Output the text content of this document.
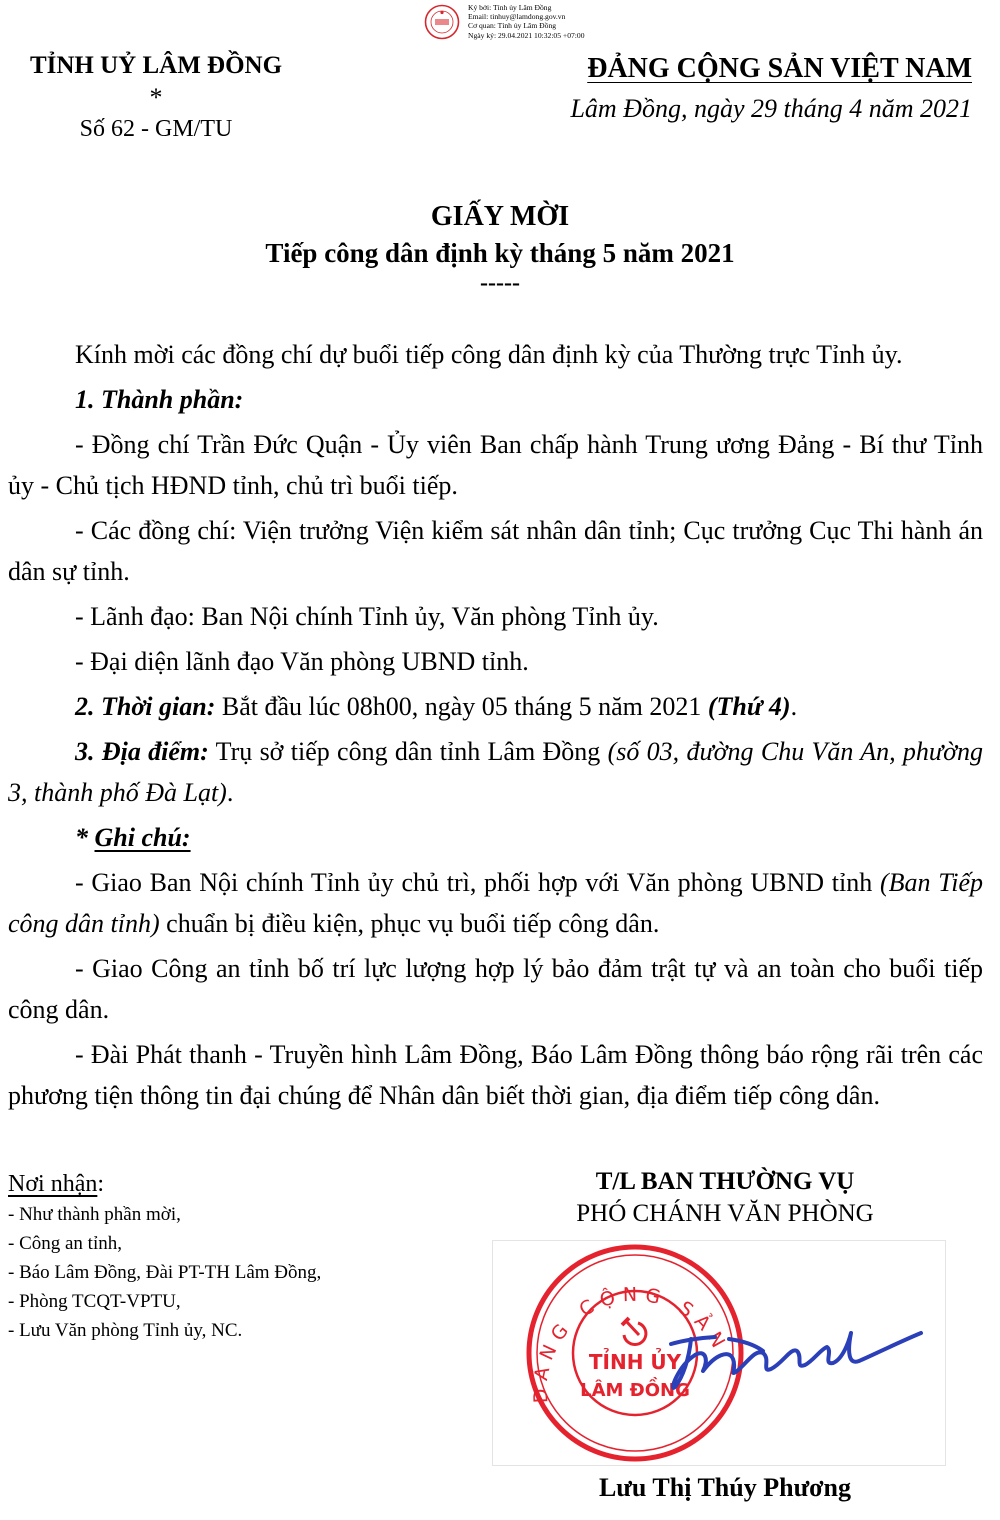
Ký bởi: Tỉnh ủy Lâm Đồng
Email: tinhuy@lamdong.gov.vn
Cơ quan: Tỉnh ủy Lâm Đồng
Ngày ký: 29.04.2021 10:32:05 +07:00
TỈNH UỶ LÂM ĐỒNG
*
Số 62 - GM/TU
ĐẢNG CỘNG SẢN VIỆT NAM
Lâm Đồng, ngày 29 tháng 4 năm 2021
GIẤY MỜI
Tiếp công dân định kỳ tháng 5 năm 2021
-----

Kính mời các đồng chí dự buổi tiếp công dân định kỳ của Thường trực Tỉnh ủy.

1. Thành phần:

- Đồng chí Trần Đức Quận - Ủy viên Ban chấp hành Trung ương Đảng - Bí thư Tỉnh ủy - Chủ tịch HĐND tỉnh, chủ trì buổi tiếp.

- Các đồng chí: Viện trưởng Viện kiểm sát nhân dân tỉnh; Cục trưởng Cục Thi hành án dân sự tỉnh.

- Lãnh đạo: Ban Nội chính Tỉnh ủy, Văn phòng Tỉnh ủy.

- Đại diện lãnh đạo Văn phòng UBND tỉnh.

2. Thời gian: Bắt đầu lúc 08h00, ngày 05 tháng 5 năm 2021 (Thứ 4).

3. Địa điểm: Trụ sở tiếp công dân tỉnh Lâm Đồng (số 03, đường Chu Văn An, phường 3, thành phố Đà Lạt).

* Ghi chú:

- Giao Ban Nội chính Tỉnh ủy chủ trì, phối hợp với Văn phòng UBND tỉnh (Ban Tiếp công dân tỉnh) chuẩn bị điều kiện, phục vụ buổi tiếp công dân.

- Giao Công an tỉnh bố trí lực lượng hợp lý bảo đảm trật tự và an toàn cho buổi tiếp công dân.

- Đài Phát thanh - Truyền hình Lâm Đồng, Báo Lâm Đồng thông báo rộng rãi trên các phương tiện thông tin đại chúng để Nhân dân biết thời gian, địa điểm tiếp công dân.

Nơi nhận:
- Như thành phần mời,
- Công an tỉnh,
- Báo Lâm Đồng, Đài PT-TH Lâm Đồng,
- Phòng TCQT-VPTU,
- Lưu Văn phòng Tỉnh ủy, NC.
T/L BAN THƯỜNG VỤ
PHÓ CHÁNH VĂN PHÒNG
ĐẢNG CỘNG SẢN
TỈNH ỦY
LÂM ĐỒNG
Lưu Thị Thúy Phương
